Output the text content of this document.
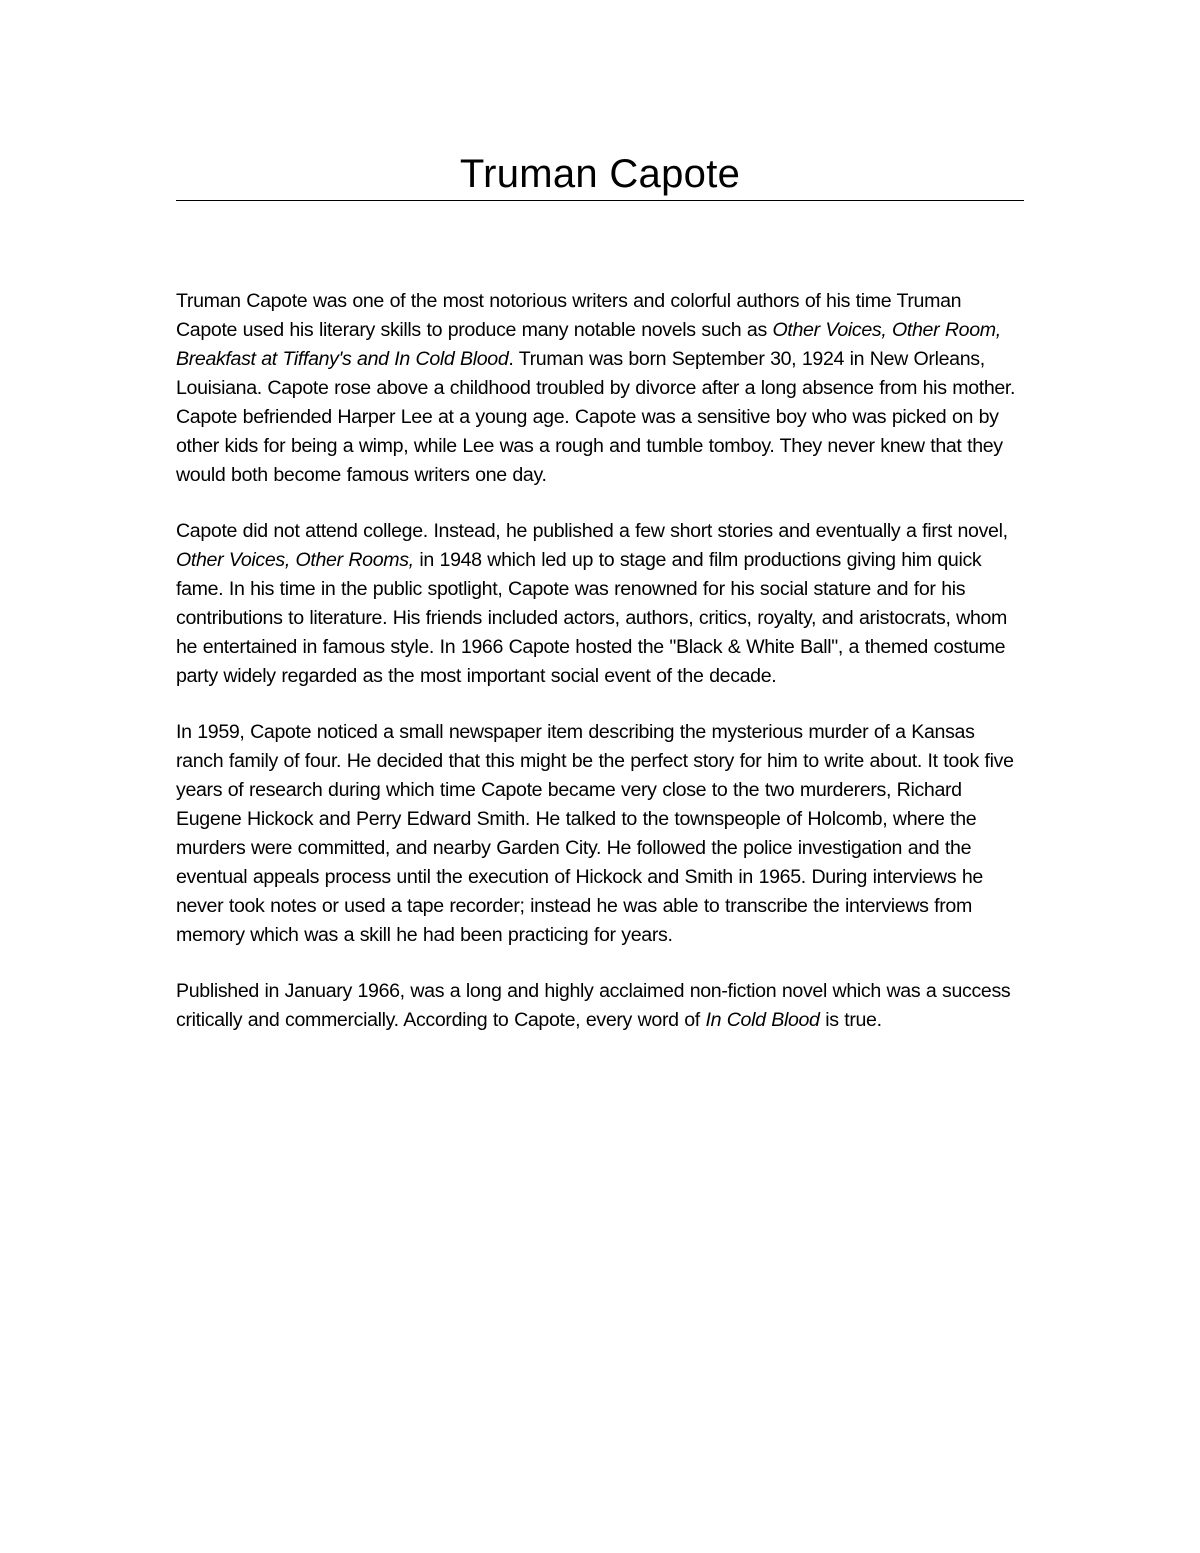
Truman Capote

Truman Capote was one of the most notorious writers and colorful authors of his time Truman Capote used his literary skills to produce many notable novels such as Other Voices, Other Room, Breakfast at Tiffany's and In Cold Blood. Truman was born September 30, 1924 in New Orleans, Louisiana. Capote rose above a childhood troubled by divorce after a long absence from his mother. Capote befriended Harper Lee at a young age. Capote was a sensitive boy who was picked on by other kids for being a wimp, while Lee was a rough and tumble tomboy. They never knew that they would both become famous writers one day.

Capote did not attend college. Instead, he published a few short stories and eventually a first novel, Other Voices, Other Rooms, in 1948 which led up to stage and film productions giving him quick fame. In his time in the public spotlight, Capote was renowned for his social stature and for his contributions to literature. His friends included actors, authors, critics, royalty, and aristocrats, whom he entertained in famous style. In 1966 Capote hosted the "Black & White Ball", a themed costume party widely regarded as the most important social event of the decade.

In 1959, Capote noticed a small newspaper item describing the mysterious murder of a Kansas ranch family of four. He decided that this might be the perfect story for him to write about. It took five years of research during which time Capote became very close to the two murderers, Richard Eugene Hickock and Perry Edward Smith. He talked to the townspeople of Holcomb, where the murders were committed, and nearby Garden City. He followed the police investigation and the eventual appeals process until the execution of Hickock and Smith in 1965. During interviews he never took notes or used a tape recorder; instead he was able to transcribe the interviews from memory which was a skill he had been practicing for years.

Published in January 1966, was a long and highly acclaimed non-fiction novel which was a success critically and commercially. According to Capote, every word of In Cold Blood is true.
